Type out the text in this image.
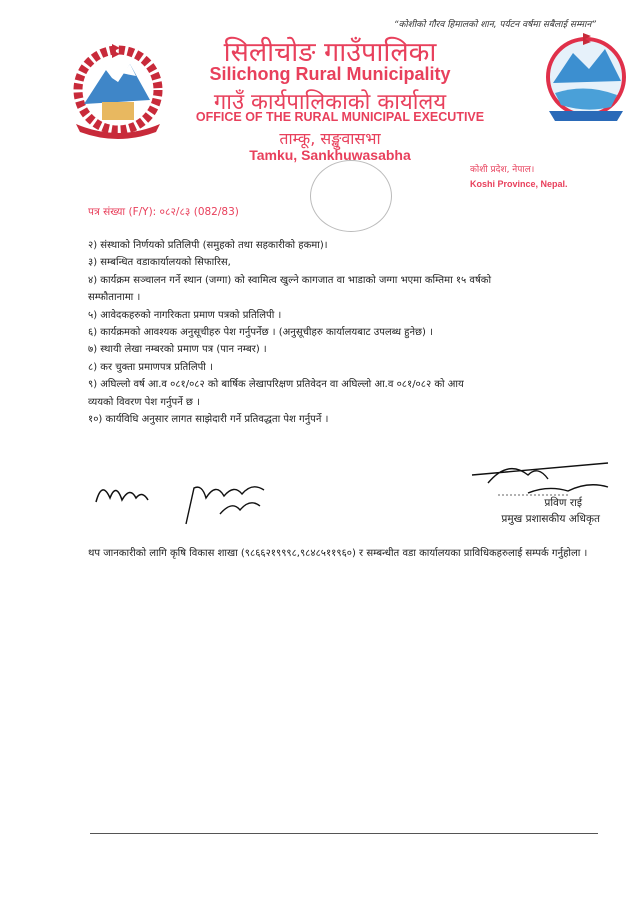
“कोशीको गौरव हिमालको शान, पर्यटन वर्षमा सबैलाई सम्मान”
सिलीचोङ गाउँपालिका
Silichong Rural Municipality
गाउँ कार्यपालिकाको कार्यालय
OFFICE OF THE RURAL MUNICIPAL EXECUTIVE
ताम्कू, सङ्खुवासभा
Tamku, Sankhuwasabha
कोशी प्रदेश, नेपाल।
Koshi Province, Nepal.
पत्र संख्या (F/Y): ०८२/८३ (082/83)
२) संस्थाको निर्णयको प्रतिलिपी (समुहको तथा सहकारीको हकमा)।
३) सम्बन्धित वडाकार्यालयको सिफारिस,
४) कार्यक्रम सञ्चालन गर्ने स्थान (जग्गा) को स्वामित्व खुल्ने कागजात वा भाडाको जग्गा भएमा कम्तिमा १५ वर्षको
सम्फौतानामा ।
५) आवेदकहरुको नागरिकता प्रमाण पत्रको प्रतिलिपी ।
६) कार्यक्रमको आवश्यक अनुसूचीहरु पेश गर्नुपर्नेछ । (अनुसूचीहरु कार्यालयबाट उपलब्ध हुनेछ) ।
७) स्थायी लेखा नम्बरको प्रमाण पत्र (पान नम्बर) ।
८) कर चुक्ता प्रमाणपत्र प्रतिलिपी ।
९) अघिल्लो वर्ष आ.व ०८१/०८२ को बार्षिक लेखापरिक्षण प्रतिवेदन वा अघिल्लो आ.व ०८१/०८२ को आय
व्ययको विवरण पेश गर्नुपर्ने छ ।
१०) कार्यविधि अनुसार लागत साझेदारी गर्ने प्रतिवद्धता पेश गर्नुपर्ने ।
प्रविण राई
प्रमुख प्रशासकीय अधिकृत
थप जानकारीको लागि कृषि विकास शाखा (९८६६२१९९९८,९८४८५११९६०) र सम्बन्धीत वडा कार्यालयका प्राविधिकहरुलाई सम्पर्क गर्नुहोला ।
